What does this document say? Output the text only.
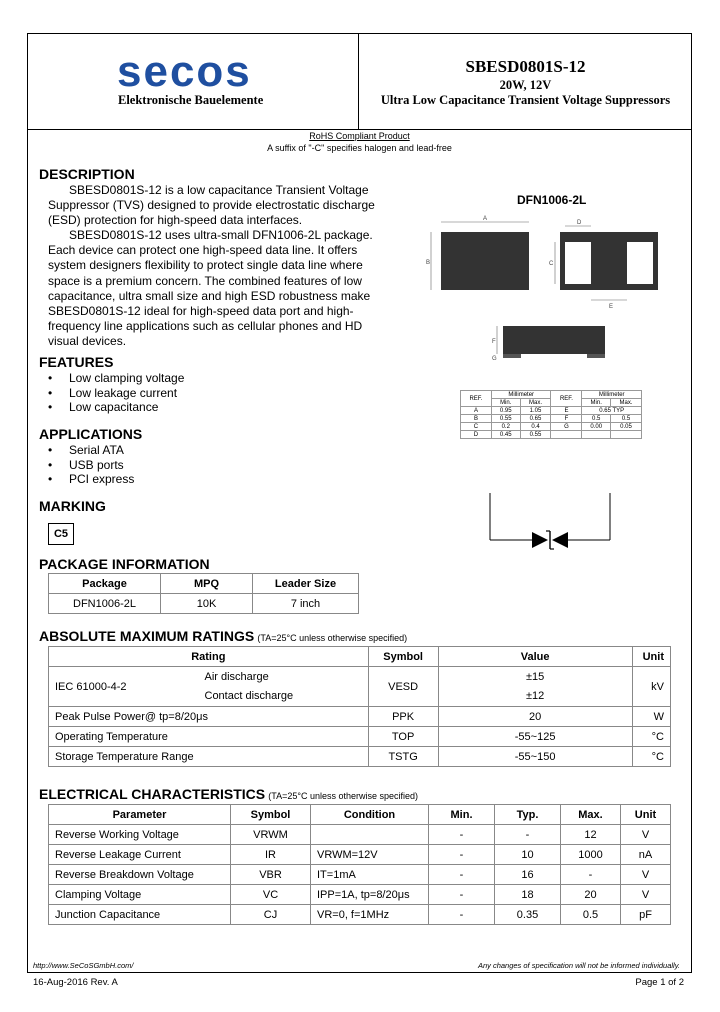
secos
Elektronische Bauelemente
SBESD0801S-12
20W, 12V
Ultra Low Capacitance Transient Voltage Suppressors
RoHS Compliant Product
A suffix of "-C" specifies halogen and lead-free
DESCRIPTION
SBESD0801S-12 is a low capacitance Transient Voltage Suppressor (TVS) designed to provide electrostatic discharge (ESD) protection for high-speed data interfaces.
SBESD0801S-12 uses ultra-small DFN1006-2L package. Each device can protect one high-speed data line. It offers system designers flexibility to protect single data line where space is a premium concern. The combined features of low capacitance, ultra small size and high ESD robustness make SBESD0801S-12 ideal for high-speed data port and high-frequency line applications such as cellular phones and HD visual devices.
FEATURES
• Low clamping voltage
• Low leakage current
• Low capacitance
APPLICATIONS
• Serial ATA
• USB ports
• PCI express
MARKING
C5
PACKAGE INFORMATION
Package	MPQ	Leader Size
DFN1006-2L	10K	7 inch
DFN1006-2L
A
B
D
C
E
F
G
REF.	Millimeter		REF.	Millimeter	
	Min.	Max.		Min.	Max.
A	0.95	1.05	E	0.65 TYP	
B	0.55	0.65	F	0.5	0.5
C	0.2	0.4	G	0.00	0.05
D	0.45	0.55			
ABSOLUTE MAXIMUM RATINGS (TA=25°C unless otherwise specified)
Rating		Symbol	Value	Unit
IEC 61000-4-2	Air discharge	VESD	±15	kV
	Contact discharge		±12	
Peak Pulse Power@ tp=8/20μs		PPK	20	W
Operating Temperature		TOP	-55~125	°C
Storage Temperature Range		TSTG	-55~150	°C
ELECTRICAL CHARACTERISTICS (TA=25°C unless otherwise specified)
Parameter	Symbol	Condition	Min.	Typ.	Max.	Unit
Reverse Working Voltage	VRWM		-	-	12	V
Reverse Leakage Current	IR	VRWM=12V	-	10	1000	nA
Reverse Breakdown Voltage	VBR	IT=1mA	-	16	-	V
Clamping Voltage	VC	IPP=1A, tp=8/20μs	-	18	20	V
Junction Capacitance	CJ	VR=0, f=1MHz	-	0.35	0.5	pF
http://www.SeCoSGmbH.com/	Any changes of specification will not be informed individually.
16-Aug-2016 Rev. A	Page 1 of 2
